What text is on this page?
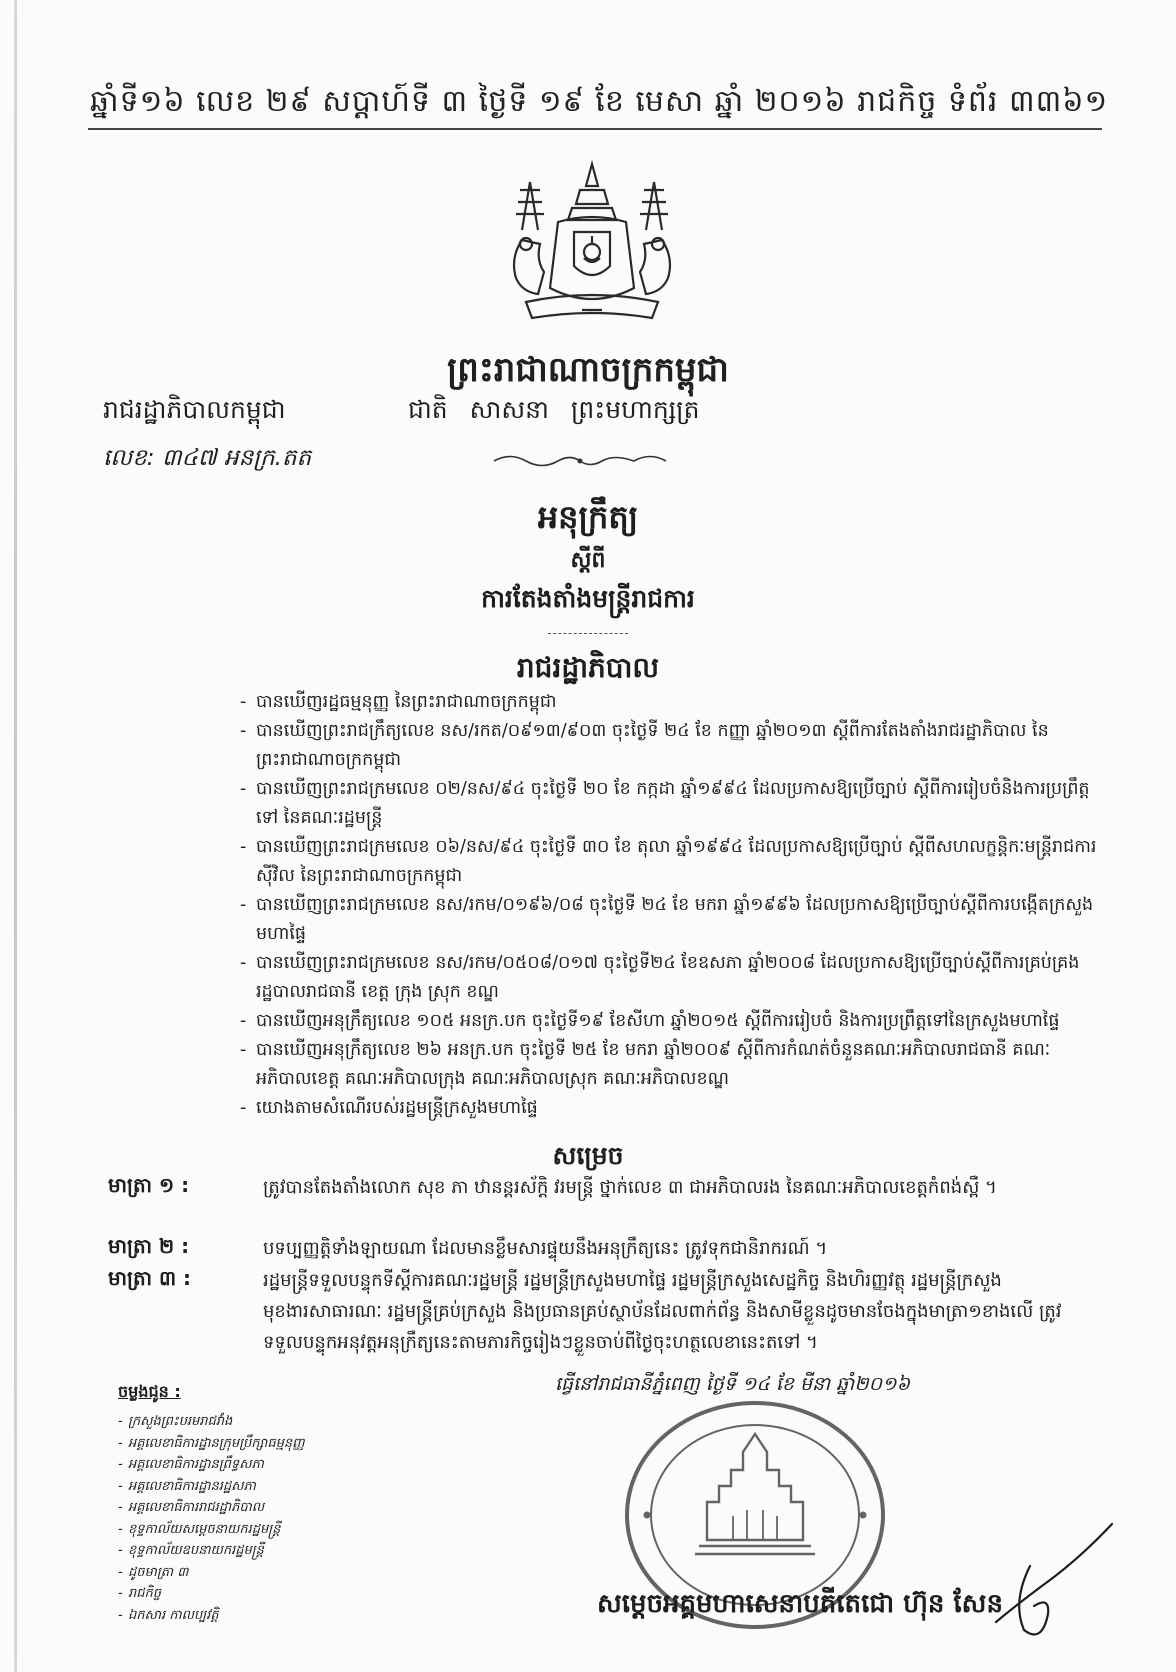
ឆ្នាំទី១៦ លេខ ២៩ សប្តាហ៍ទី ៣ ថ្ងៃទី ១៩ ខែ មេសា ឆ្នាំ ២០១៦ រាជកិច្ច ទំព័រ ៣៣៦១
ព្រះរាជាណាចក្រកម្ពុជា
រាជរដ្ឋាភិបាលកម្ពុជា	ជាតិ សាសនា ព្រះមហាក្សត្រ
លេខ: ៣៤៧ អនក្រ.តត
អនុក្រឹត្យ
ស្តីពី
ការតែងតាំងមន្ត្រីរាជការ
រាជរដ្ឋាភិបាល
- បានឃើញរដ្ឋធម្មនុញ្ញ នៃព្រះរាជាណាចក្រកម្ពុជា
- បានឃើញព្រះរាជក្រឹត្យលេខ នស/រកត/០៩១៣/៩០៣ ចុះថ្ងៃទី ២៤ ខែ កញ្ញា ឆ្នាំ២០១៣ ស្តីពីការតែងតាំងរាជរដ្ឋាភិបាល នៃព្រះរាជាណាចក្រកម្ពុជា
- បានឃើញព្រះរាជក្រមលេខ ០២/នស/៩៤ ចុះថ្ងៃទី ២០ ខែ កក្កដា ឆ្នាំ១៩៩៤ ដែលប្រកាសឱ្យប្រើច្បាប់ ស្តីពីការរៀបចំនិងការប្រព្រឹត្តទៅ នៃគណៈរដ្ឋមន្ត្រី
- បានឃើញព្រះរាជក្រមលេខ ០៦/នស/៩៤ ចុះថ្ងៃទី ៣០ ខែ តុលា ឆ្នាំ១៩៩៤ ដែលប្រកាសឱ្យប្រើច្បាប់ ស្តីពីសហលក្ខន្តិកៈមន្ត្រីរាជការស៊ីវិល នៃព្រះរាជាណាចក្រកម្ពុជា
- បានឃើញព្រះរាជក្រមលេខ នស/រកម/០១៩៦/០៨ ចុះថ្ងៃទី ២៤ ខែ មករា ឆ្នាំ១៩៩៦ ដែលប្រកាសឱ្យប្រើច្បាប់ស្តីពីការបង្កើតក្រសួងមហាផ្ទៃ
- បានឃើញព្រះរាជក្រមលេខ នស/រកម/០៥០៨/០១៧ ចុះថ្ងៃទី២៤ ខែឧសភា ឆ្នាំ២០០៨ ដែលប្រកាសឱ្យប្រើច្បាប់ស្តីពីការគ្រប់គ្រងរដ្ឋបាលរាជធានី ខេត្ត ក្រុង ស្រុក ខណ្ឌ
- បានឃើញអនុក្រឹត្យលេខ ១០៥ អនក្រ.បក ចុះថ្ងៃទី១៩ ខែសីហា ឆ្នាំ២០១៥ ស្តីពីការរៀបចំ និងការប្រព្រឹត្តទៅនៃក្រសួងមហាផ្ទៃ
- បានឃើញអនុក្រឹត្យលេខ ២៦ អនក្រ.បក ចុះថ្ងៃទី ២៥ ខែ មករា ឆ្នាំ២០០៩ ស្តីពីការកំណត់ចំនួនគណៈអភិបាលរាជធានី គណៈអភិបាលខេត្ត គណៈអភិបាលក្រុង គណៈអភិបាលស្រុក គណៈអភិបាលខណ្ឌ
- យោងតាមសំណើរបស់រដ្ឋមន្ត្រីក្រសួងមហាផ្ទៃ
សម្រេច
មាត្រា ១ :	ត្រូវបានតែងតាំងលោក សុខ ភា ឋានន្តរស័ក្តិ វរមន្ត្រី ថ្នាក់លេខ ៣ ជាអភិបាលរង នៃគណៈអភិបាលខេត្តកំពង់ស្ពឺ ។
មាត្រា ២ :	បទប្បញ្ញត្តិទាំងឡាយណា ដែលមានខ្លឹមសារផ្ទុយនឹងអនុក្រឹត្យនេះ ត្រូវទុកជានិរាករណ៍ ។
មាត្រា ៣ :	រដ្ឋមន្ត្រីទទួលបន្ទុកទីស្តីការគណៈរដ្ឋមន្ត្រី រដ្ឋមន្ត្រីក្រសួងមហាផ្ទៃ រដ្ឋមន្ត្រីក្រសួងសេដ្ឋកិច្ច និងហិរញ្ញវត្ថុ រដ្ឋមន្ត្រីក្រសួងមុខងារសាធារណៈ រដ្ឋមន្ត្រីគ្រប់ក្រសួង និងប្រធានគ្រប់ស្ថាប័នដែលពាក់ព័ន្ធ និងសាមីខ្លួនដូចមានចែងក្នុងមាត្រា១ខាងលើ ត្រូវទទួលបន្ទុកអនុវត្តអនុក្រឹត្យនេះតាមភារកិច្ចរៀងៗខ្លួនចាប់ពីថ្ងៃចុះហត្ថលេខានេះតទៅ ។
ធ្វើនៅរាជធានីភ្នំពេញ ថ្ងៃទី ១៤ ខែ មីនា ឆ្នាំ២០១៦
ចម្លងជូន :
- ក្រសួងព្រះបរមរាជវាំង
- អគ្គលេខាធិការដ្ឋានក្រុមប្រឹក្សាធម្មនុញ្ញ
- អគ្គលេខាធិការដ្ឋានព្រឹទ្ធសភា
- អគ្គលេខាធិការដ្ឋានរដ្ឋសភា
- អគ្គលេខាធិការរាជរដ្ឋាភិបាល
- ខុទ្ទកាល័យសម្តេចនាយករដ្ឋមន្ត្រី
- ខុទ្ទកាល័យឧបនាយករដ្ឋមន្ត្រី
- ដូចមាត្រា ៣
- រាជកិច្ច
- ឯកសារ កាលប្បវត្តិ	សម្តេចអគ្គមហាសេនាបតីតេជោ ហ៊ុន សែន
